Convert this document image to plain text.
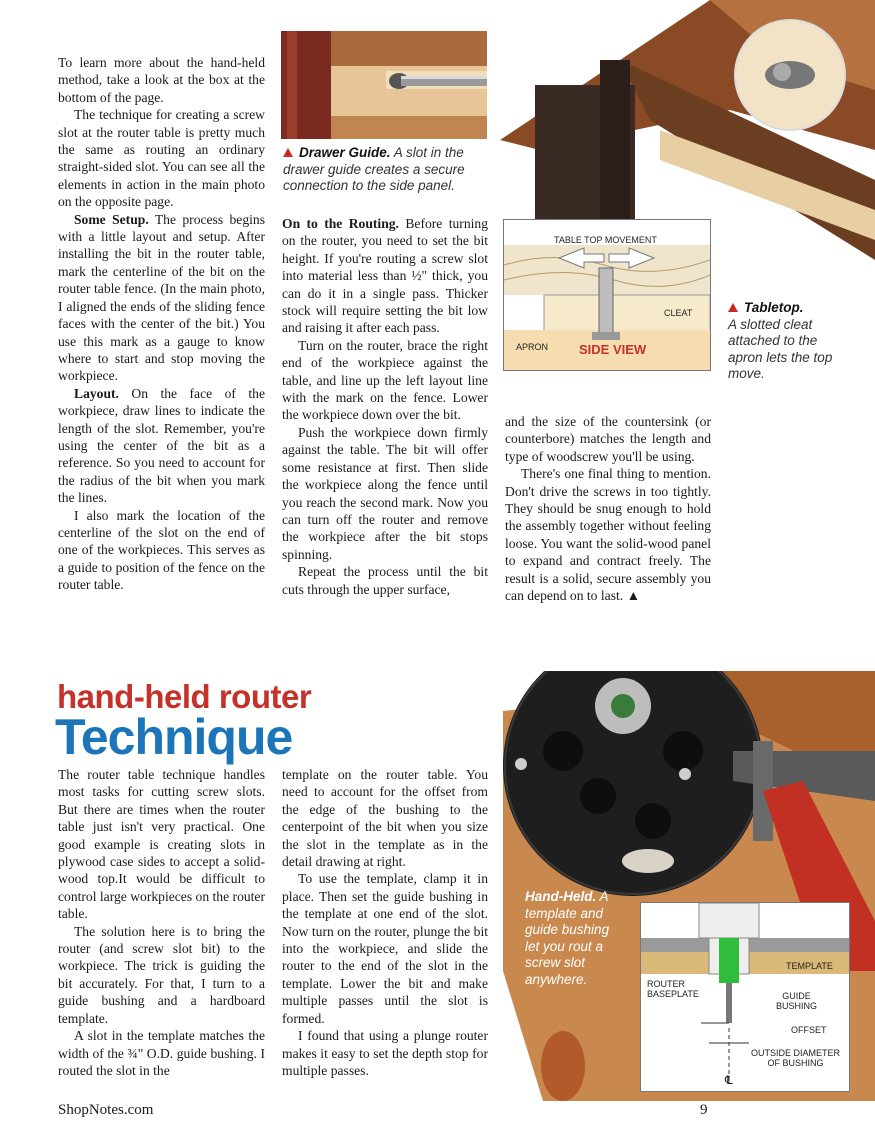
To learn more about the hand-held method, take a look at the box at the bottom of the page.

The technique for creating a screw slot at the router table is pretty much the same as routing an ordinary straight-sided slot. You can see all the elements in action in the main photo on the opposite page.

Some Setup. The process begins with a little layout and setup. After installing the bit in the router table, mark the centerline of the bit on the router table fence. (In the main photo, I aligned the ends of the sliding fence faces with the center of the bit.) You use this mark as a gauge to know where to start and stop moving the workpiece.

Layout. On the face of the workpiece, draw lines to indicate the length of the slot. Remember, you're using the center of the bit as a reference. So you need to account for the radius of the bit when you mark the lines.

I also mark the location of the centerline of the slot on the end of one of the workpieces. This serves as a guide to position of the fence on the router table.

Drawer Guide. A slot in the drawer guide creates a secure connection to the side panel.

On to the Routing. Before turning on the router, you need to set the bit height. If you're routing a screw slot into material less than ½" thick, you can do it in a single pass. Thicker stock will require setting the bit low and raising it after each pass.

Turn on the router, brace the right end of the workpiece against the table, and line up the left layout line with the mark on the fence. Lower the workpiece down over the bit.

Push the workpiece down firmly against the table. The bit will offer some resistance at first. Then slide the workpiece along the fence until you reach the second mark. Now you can turn off the router and remove the workpiece after the bit stops spinning.

Repeat the process until the bit cuts through the upper surface,

TABLE TOP MOVEMENT
CLEAT
APRON SIDE VIEW
Tabletop.
A slotted cleat attached to the apron lets the top move.

and the size of the countersink (or counterbore) matches the length and type of woodscrew you'll be using.

There's one final thing to mention. Don't drive the screws in too tightly. They should be snug enough to hold the assembly together without feeling loose. You want the solid-wood panel to expand and contract freely. The result is a solid, secure assembly you can depend on to last. ▲

hand-held router
Technique

The router table technique handles most tasks for cutting screw slots. But there are times when the router table just isn't very practical. One good example is creating slots in plywood case sides to accept a solid-wood top.It would be difficult to control large workpieces on the router table.

The solution here is to bring the router (and screw slot bit) to the workpiece. The trick is guiding the bit accurately. For that, I turn to a guide bushing and a hardboard template.

A slot in the template matches the width of the ¾" O.D. guide bushing. I routed the slot in the

template on the router table. You need to account for the offset from the edge of the bushing to the centerpoint of the bit when you size the slot in the template as in the detail drawing at right.

To use the template, clamp it in place. Then set the guide bushing in the template at one end of the slot. Now turn on the router, plunge the bit into the workpiece, and slide the router to the end of the slot in the template. Lower the bit and make multiple passes until the slot is formed.

I found that using a plunge router makes it easy to set the depth stop for multiple passes.

Hand-Held. A template and guide bushing let you rout a screw slot anywhere.
TEMPLATE
ROUTER
BASEPLATE	GUIDE
BUSHING
OFFSET
OUTSIDE DIAMETER
OF BUSHING
℄
ShopNotes.com	9
